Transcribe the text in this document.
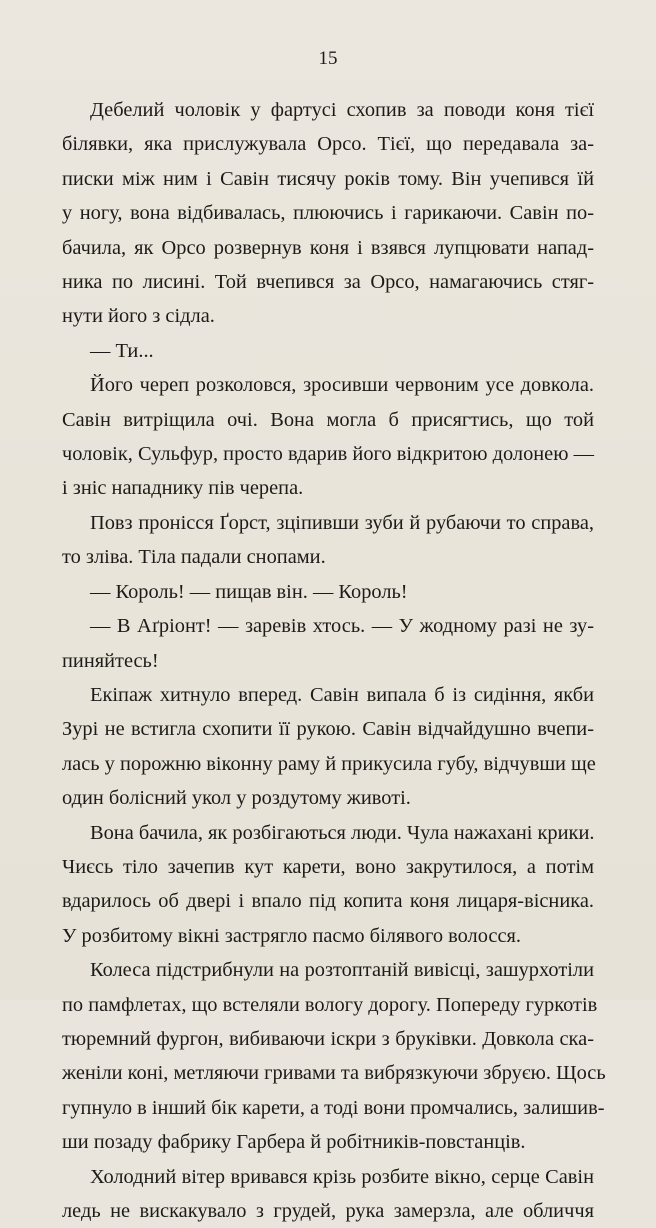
15
Дебелий чоловік у фартусі схопив за поводи коня тієї
білявки, яка прислужувала Орсо. Тієї, що передавала за-
писки між ним і Савін тисячу років тому. Він учепився їй
у ногу, вона відбивалась, плюючись і гарикаючи. Савін по-
бачила, як Орсо розвернув коня і взявся лупцювати напад-
ника по лисині. Той вчепився за Орсо, намагаючись стяг-
нути його з сідла.
— Ти...
Його череп розколовся, зросивши червоним усе довкола.
Савін витріщила очі. Вона могла б присягтись, що той
чоловік, Сульфур, просто вдарив його відкритою долонею —
і зніс нападнику пів черепа.
Повз пронісся Ґорст, зціпивши зуби й рубаючи то справа,
то зліва. Тіла падали снопами.
— Король! — пищав він. — Король!
— В Аґріонт! — заревів хтось. — У жодному разі не зу-
пиняйтесь!
Екіпаж хитнуло вперед. Савін випала б із сидіння, якби
Зурі не встигла схопити її рукою. Савін відчайдушно вчепи-
лась у порожню віконну раму й прикусила губу, відчувши ще
один болісний укол у роздутому животі.
Вона бачила, як розбігаються люди. Чула нажахані крики.
Чиєсь тіло зачепив кут карети, воно закрутилося, а потім
вдарилось об двері і впало під копита коня лицаря-вісника.
У розбитому вікні застрягло пасмо білявого волосся.
Колеса підстрибнули на розтоптаній вивісці, зашурхотіли
по памфлетах, що встеляли вологу дорогу. Попереду гуркотів
тюремний фургон, вибиваючи іскри з бруківки. Довкола ска-
женіли коні, метляючи гривами та вибрязкуючи збруєю. Щось
гупнуло в інший бік карети, а тоді вони промчались, залишив-
ши позаду фабрику Гарбера й робітників-повстанців.
Холодний вітер вривався крізь розбите вікно, серце Савін
ледь не вискакувало з грудей, рука замерзла, але обличчя
